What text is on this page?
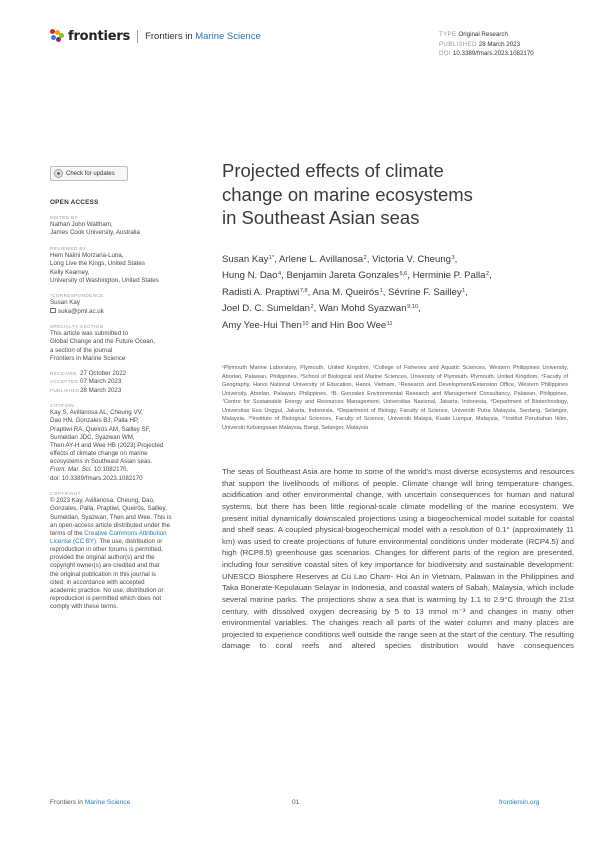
frontiers Frontiers in Marine Science	TYPE Original Research
PUBLISHED 28 March 2023
DOI 10.3389/fmars.2023.1082170
Check for updates
OPEN ACCESS
EDITED BY
Nathan John Waltham,
James Cook University, Australia
REVIEWED BY
Hem Nalini Morzaria-Luna,
Long Live the Kings, United States
Kelly Kearney,
University of Washington, United States
*CORRESPONDENCE
Susan Kay
suka@pml.ac.uk
SPECIALTY SECTION
This article was submitted to
Global Change and the Future Ocean,
a section of the journal
Frontiers in Marine Science
RECEIVED 27 October 2022
ACCEPTED 07 March 2023
PUBLISHED28 March 2023
CITATION
Kay S, Avillanosa AL, Cheung VV,
Dao HN, Gonzales BJ, Palla HP,
Praptiwi RA, Queirós AM, Sailley SF,
Sumeldan JDC, Syazwan WM,
Then AY-H and Wee HB (2023) Projected
effects of climate change on marine
ecosystems in Southeast Asian seas.
Front. Mar. Sci. 10:1082170.
doi: 10.3389/fmars.2023.1082170
COPYRIGHT
© 2023 Kay, Avillanosa, Cheung, Dao,
Gonzales, Palla, Praptiwi, Queirós, Sailley,
Sumeldan, Syazwan, Then and Wee. This is
an open-access article distributed under the
terms of the Creative Commons Attribution
License (CC BY). The use, distribution or
reproduction in other forums is permitted,
provided the original author(s) and the
copyright owner(s) are credited and that
the original publication in this journal is
cited, in accordance with accepted
academic practice. No use, distribution or
reproduction is permitted which does not
comply with these terms.
Projected effects of climate
change on marine ecosystems
in Southeast Asian seas
Susan Kay$^{1*}$, Arlene L. Avillanosa$^2$, Victoria V. Cheung$^3$,
Hung N. Dao$^4$, Benjamin Jareta Gonzales$^{5,6}$, Herminie P. Palla$^2$,
Radisti A. Praptiwi$^{7,8}$, Ana M. Queirós$^1$, Sévrine F. Sailley$^1$,
Joel D. C. Sumeldan$^2$, Wan Mohd Syazwan$^{9,10}$,
Amy Yee-Hui Then$^{10}$ and Hin Boo Wee$^{11}$
¹Plymouth Marine Laboratory, Plymouth, United Kingdom, ²College of Fisheries and Aquatic Sciences, Western Philippines University, Aborlan, Palawan, Philippines, ³School of Biological and Marine Sciences, University of Plymouth, Plymouth, United Kingdom, ⁴Faculty of Geography, Hanoi National University of Education, Hanoi, Vietnam, ⁵Research and Development/Extension Office, Western Philippines University, Aborlan, Palawan, Philippines, ⁶B. Gonzales Environmental Research and Management Consultancy, Palawan, Philippines, ⁷Centre for Sustainable Energy and Resources Management, Universitas Nasional, Jakarta, Indonesia, ⁸Department of Biotechnology, Universitas Esa Unggul, Jakarta, Indonesia, ⁹Department of Biology, Faculty of Science, Universiti Putra Malaysia, Serdang, Selangor, Malaysia, ¹⁰Institute of Biological Sciences, Faculty of Science, Universiti Malaya, Kuala Lumpur, Malaysia, ¹¹Institut Perubahan Iklim, Universiti Kebangsaan Malaysia, Bangi, Selangor, Malaysia

The seas of Southeast Asia are home to some of the world’s most diverse ecosystems and resources that support the livelihoods of millions of people. Climate change will bring temperature changes, acidification and other environmental change, with uncertain consequences for human and natural systems, but there has been little regional-scale climate modelling of the marine ecosystem. We present initial dynamically downscaled projections using a biogeochemical model suitable for coastal and shelf seas. A coupled physical-biogeochemical model with a resolution of 0.1° (approximately 11 km) was used to create projections of future environmental conditions under moderate (RCP4.5) and high (RCP8.5) greenhouse gas scenarios. Changes for different parts of the region are presented, including four sensitive coastal sites of key importance for biodiversity and sustainable development: UNESCO Biosphere Reserves at Cu Lao Cham- Hoi An in Vietnam, Palawan in the Philippines and Taka Bonerate-Kepulauan Selayar in Indonesia, and coastal waters of Sabah, Malaysia, which include several marine parks. The projections show a sea that is warming by 1.1 to 2.9°C through the 21st century, with dissolved oxygen decreasing by 5 to 13 mmol m⁻³ and changes in many other environmental variables. The changes reach all parts of the water column and many places are projected to experience conditions well outside the range seen at the start of the century. The resulting damage to coral reefs and altered species distribution would have consequences

Frontiers in Marine Science	01	frontiersin.org
